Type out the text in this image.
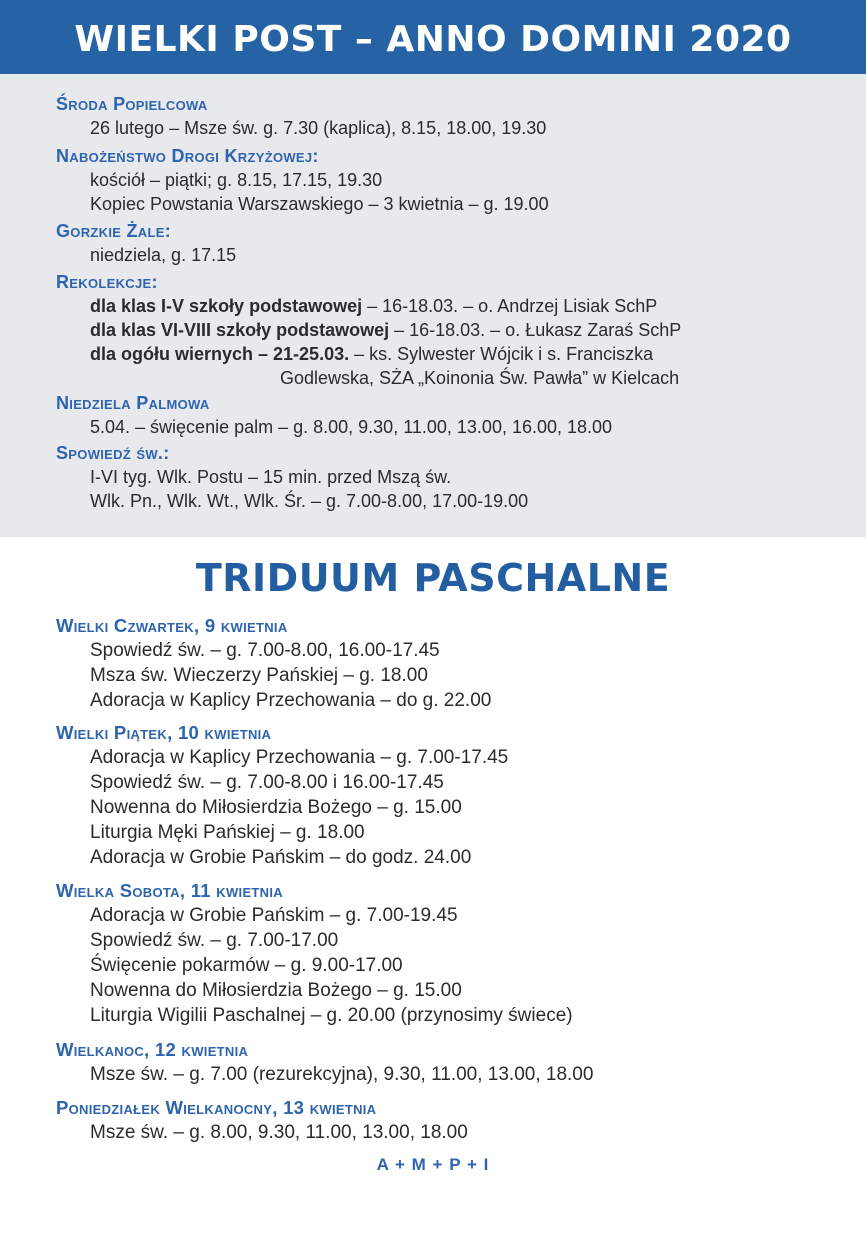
WIELKI POST – ANNO DOMINI 2020
Środa Popielcowa
26 lutego – Msze św. g. 7.30 (kaplica), 8.15, 18.00, 19.30
Nabożeństwo Drogi Krzyżowej:
kościół – piątki; g. 8.15, 17.15, 19.30
Kopiec Powstania Warszawskiego – 3 kwietnia – g. 19.00
Gorzkie Żale:
niedziela, g. 17.15
Rekolekcje:
dla klas I-V szkoły podstawowej – 16-18.03. – o. Andrzej Lisiak SchP
dla klas VI-VIII szkoły podstawowej – 16-18.03. – o. Łukasz Zaraś SchP
dla ogółu wiernych – 21-25.03. – ks. Sylwester Wójcik i s. Franciszka
Godlewska, SŻA „Koinonia Św. Pawła” w Kielcach
Niedziela Palmowa
5.04. – święcenie palm – g. 8.00, 9.30, 11.00, 13.00, 16.00, 18.00
Spowiedź św.:
I-VI tyg. Wlk. Postu – 15 min. przed Mszą św.
Wlk. Pn., Wlk. Wt., Wlk. Śr. – g. 7.00-8.00, 17.00-19.00
TRIDUUM PASCHALNE
Wielki Czwartek, 9 kwietnia
Spowiedź św. – g. 7.00-8.00, 16.00-17.45
Msza św. Wieczerzy Pańskiej – g. 18.00
Adoracja w Kaplicy Przechowania – do g. 22.00
Wielki Piątek, 10 kwietnia
Adoracja w Kaplicy Przechowania – g. 7.00-17.45
Spowiedź św. – g. 7.00-8.00 i 16.00-17.45
Nowenna do Miłosierdzia Bożego – g. 15.00
Liturgia Męki Pańskiej – g. 18.00
Adoracja w Grobie Pańskim – do godz. 24.00
Wielka Sobota, 11 kwietnia
Adoracja w Grobie Pańskim – g. 7.00-19.45
Spowiedź św. – g. 7.00-17.00
Święcenie pokarmów – g. 9.00-17.00
Nowenna do Miłosierdzia Bożego – g. 15.00
Liturgia Wigilii Paschalnej – g. 20.00 (przynosimy świece)
Wielkanoc, 12 kwietnia
Msze św. – g. 7.00 (rezurekcyjna), 9.30, 11.00, 13.00, 18.00
Poniedziałek Wielkanocny, 13 kwietnia
Msze św. – g. 8.00, 9.30, 11.00, 13.00, 18.00
A + M + P + I
